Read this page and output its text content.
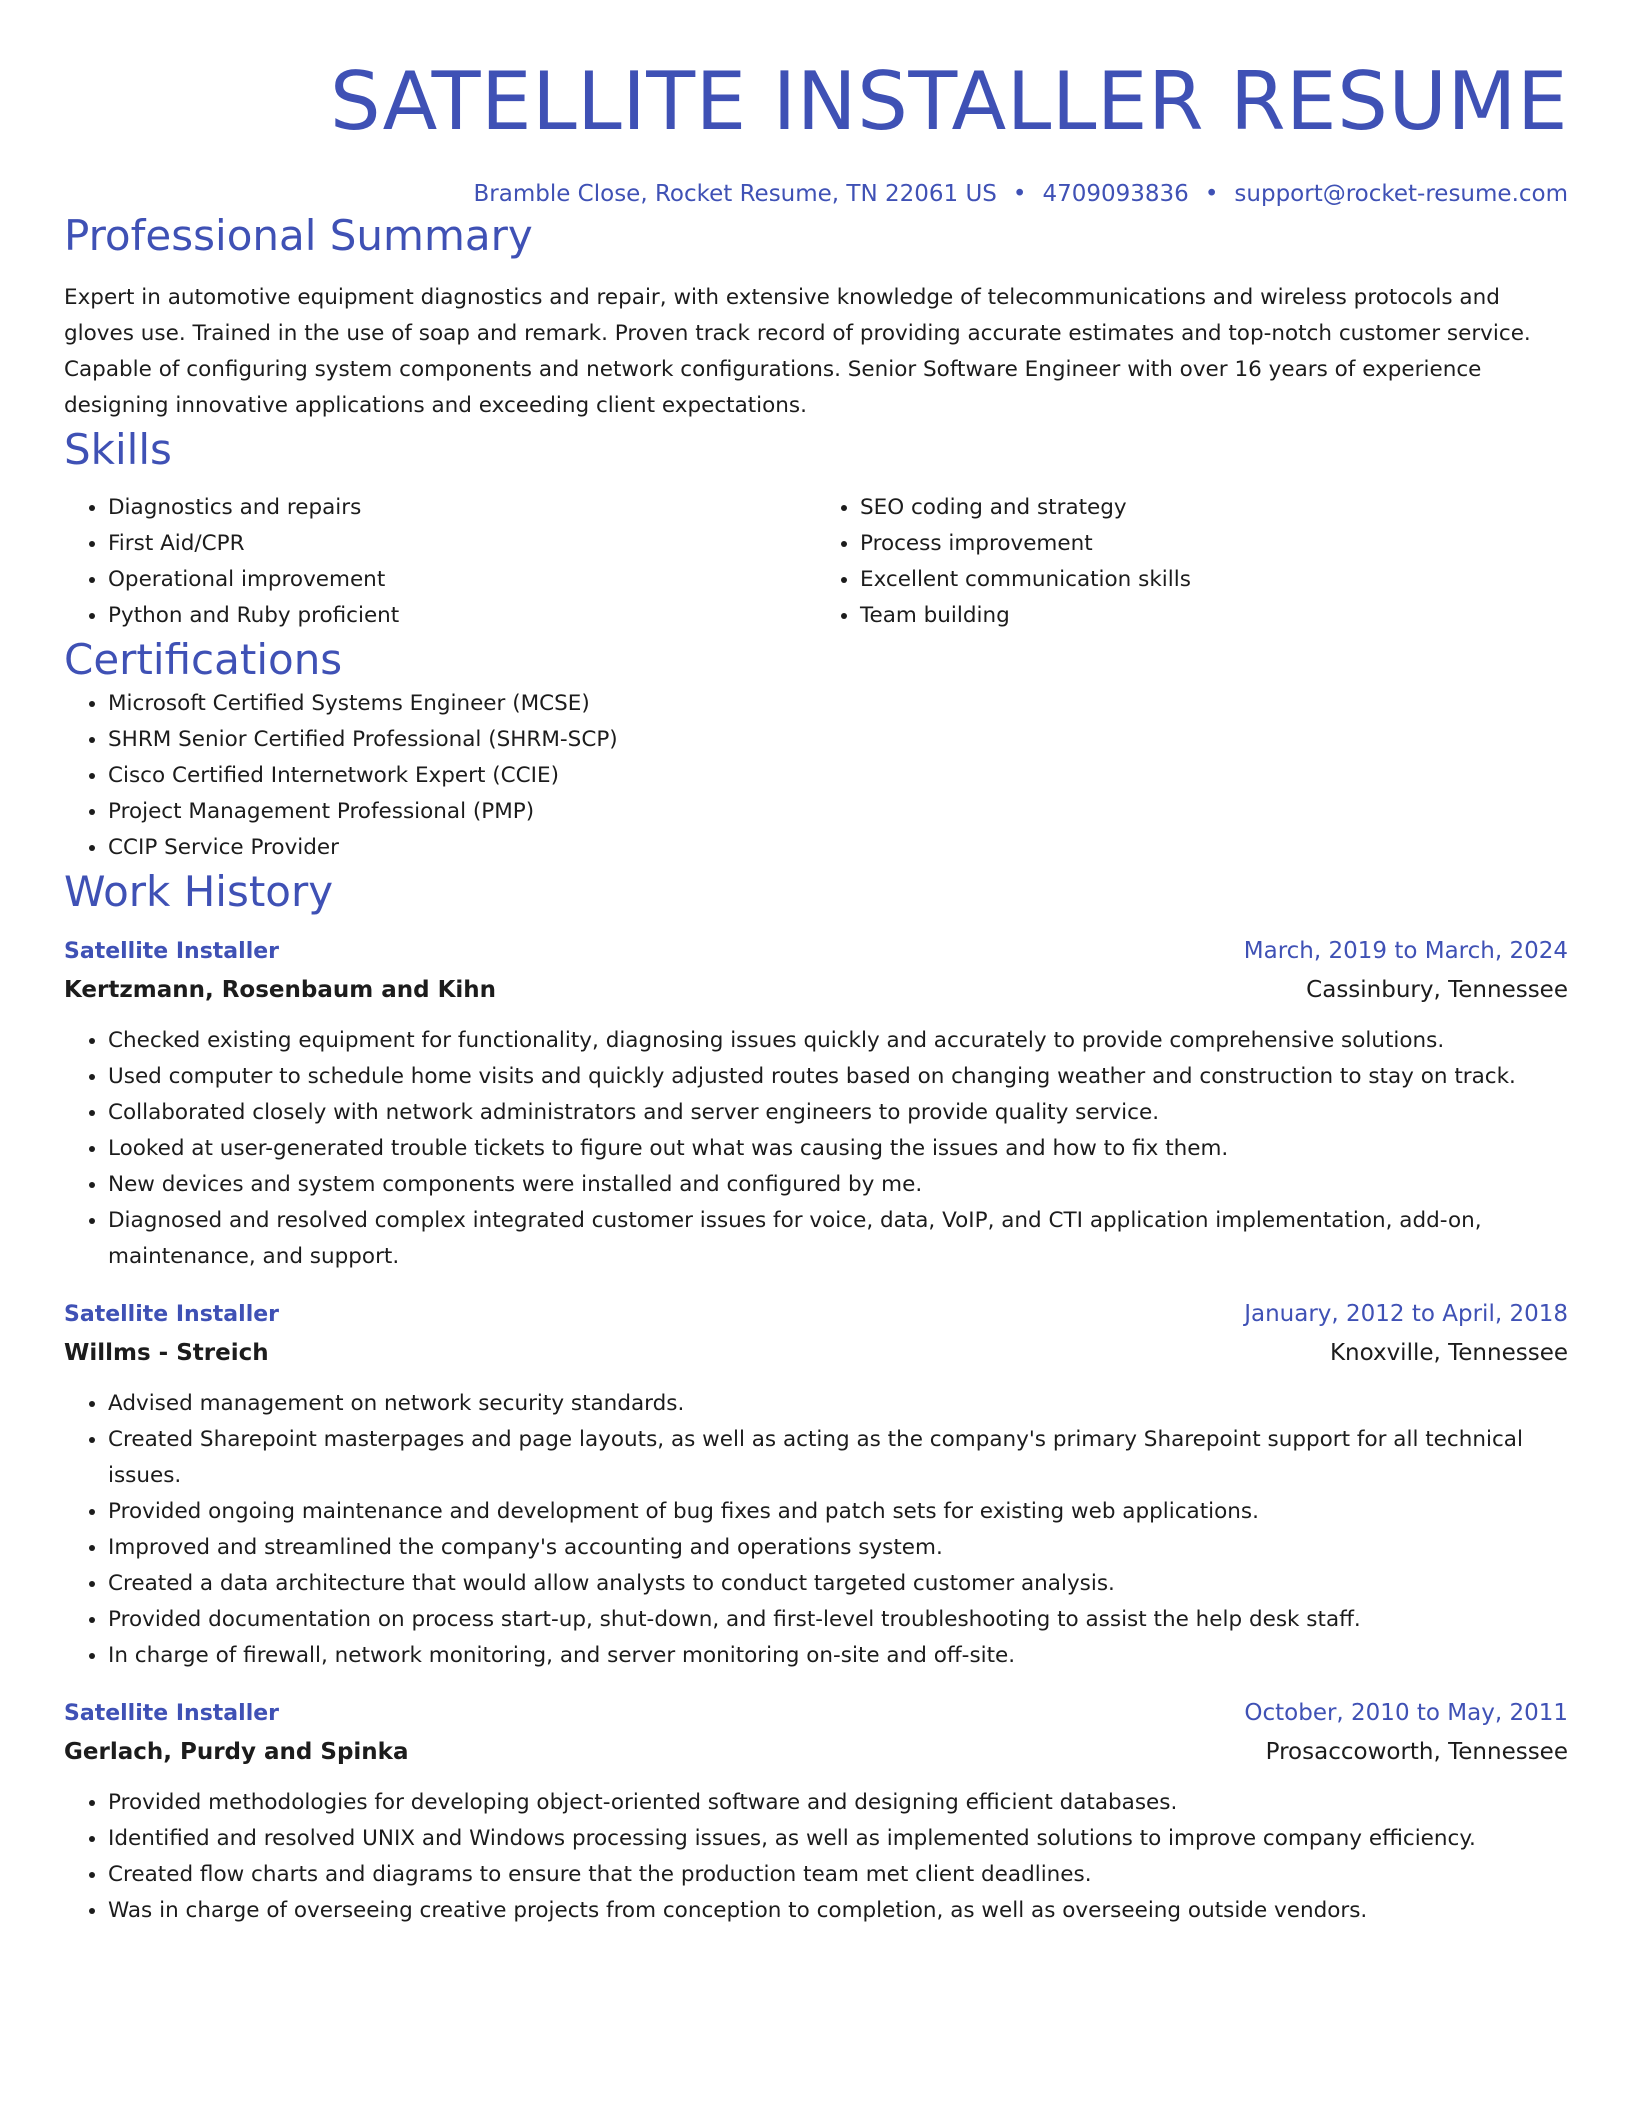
SATELLITE INSTALLER RESUME
Bramble Close, Rocket Resume, TN 22061 US • 4709093836 • support@rocket-resume.com
Professional Summary

Expert in automotive equipment diagnostics and repair, with extensive knowledge of telecommunications and wireless protocols and gloves use. Trained in the use of soap and remark. Proven track record of providing accurate estimates and top-notch customer service. Capable of configuring system components and network configurations. Senior Software Engineer with over 16 years of experience designing innovative applications and exceeding client expectations.

Skills
• Diagnostics and repairs
• First Aid/CPR
• Operational improvement
• Python and Ruby proficient
• SEO coding and strategy
• Process improvement
• Excellent communication skills
• Team building
Certifications
• Microsoft Certified Systems Engineer (MCSE)
• SHRM Senior Certified Professional (SHRM-SCP)
• Cisco Certified Internetwork Expert (CCIE)
• Project Management Professional (PMP)
• CCIP Service Provider
Work History
Satellite Installer	March, 2019 to March, 2024
Kertzmann, Rosenbaum and Kihn	Cassinbury, Tennessee
• Checked existing equipment for functionality, diagnosing issues quickly and accurately to provide comprehensive solutions.
• Used computer to schedule home visits and quickly adjusted routes based on changing weather and construction to stay on track.
• Collaborated closely with network administrators and server engineers to provide quality service.
• Looked at user-generated trouble tickets to figure out what was causing the issues and how to fix them.
• New devices and system components were installed and configured by me.
• Diagnosed and resolved complex integrated customer issues for voice, data, VoIP, and CTI application implementation, add-on, maintenance, and support.
Satellite Installer	January, 2012 to April, 2018
Willms - Streich	Knoxville, Tennessee
• Advised management on network security standards.
• Created Sharepoint masterpages and page layouts, as well as acting as the company's primary Sharepoint support for all technical issues.
• Provided ongoing maintenance and development of bug fixes and patch sets for existing web applications.
• Improved and streamlined the company's accounting and operations system.
• Created a data architecture that would allow analysts to conduct targeted customer analysis.
• Provided documentation on process start-up, shut-down, and first-level troubleshooting to assist the help desk staff.
• In charge of firewall, network monitoring, and server monitoring on-site and off-site.
Satellite Installer	October, 2010 to May, 2011
Gerlach, Purdy and Spinka	Prosaccoworth, Tennessee
• Provided methodologies for developing object-oriented software and designing efficient databases.
• Identified and resolved UNIX and Windows processing issues, as well as implemented solutions to improve company efficiency.
• Created flow charts and diagrams to ensure that the production team met client deadlines.
• Was in charge of overseeing creative projects from conception to completion, as well as overseeing outside vendors.
